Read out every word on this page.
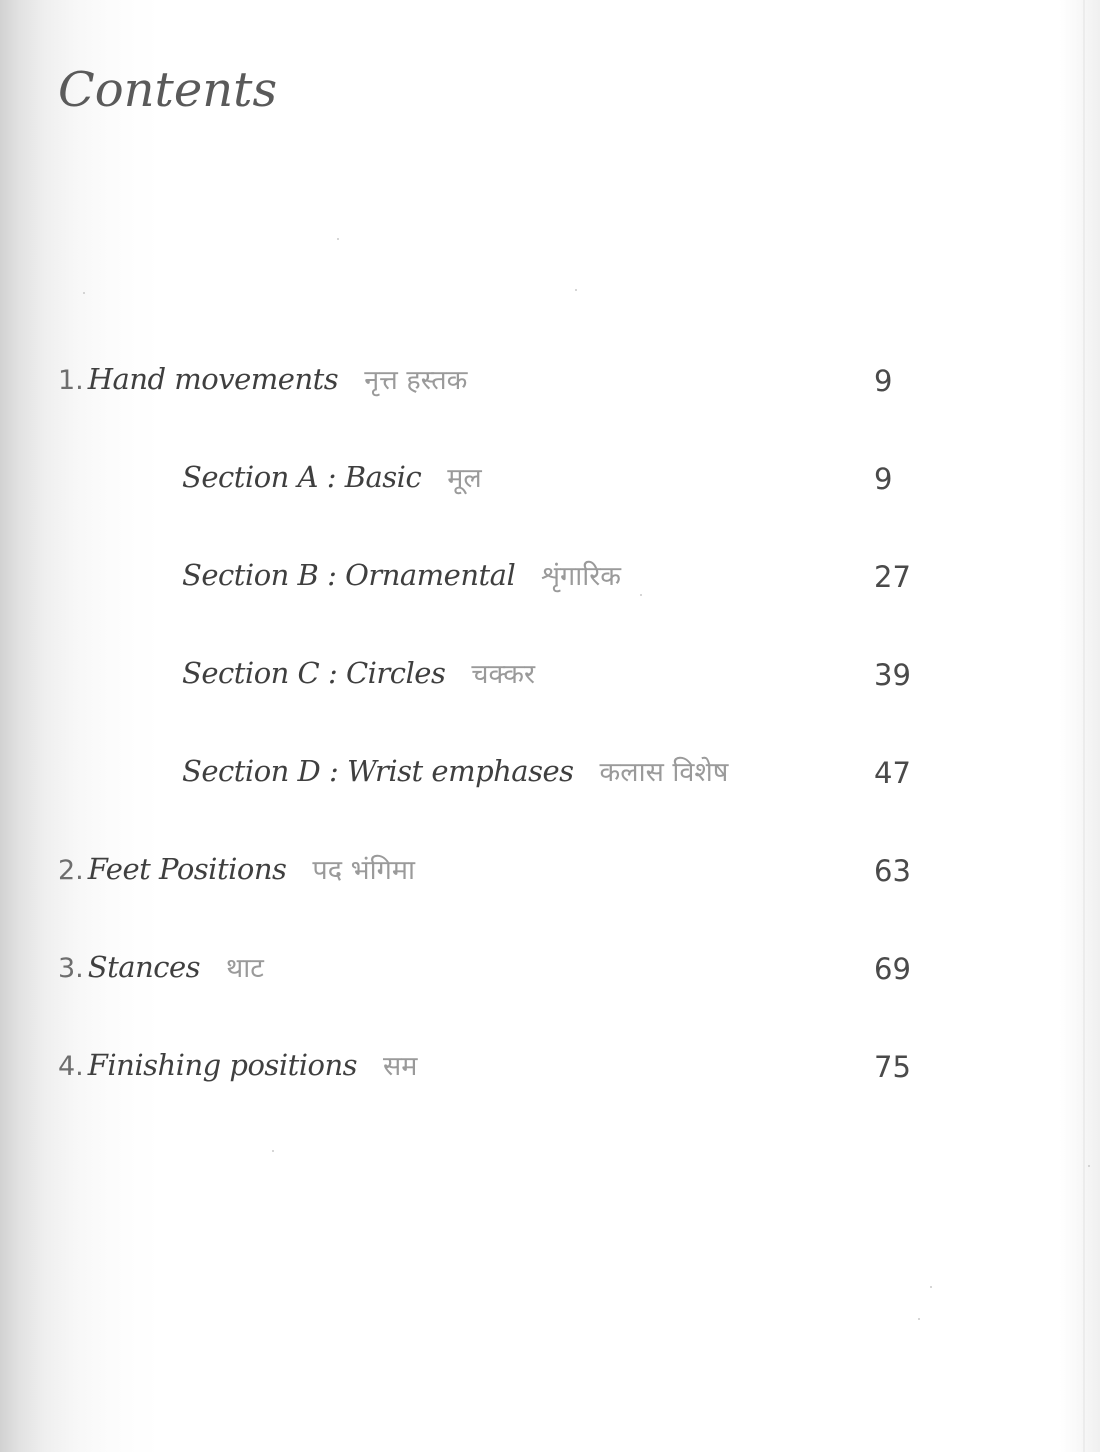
Contents
1. Hand movements नृत्त हस्तक
Section A : Basic मूल
Section B : Ornamental शृंगारिक
Section C : Circles चक्कर
Section D : Wrist emphases कलास विशेष
2. Feet Positions पद भंगिमा
3. Stances थाट
4. Finishing positions सम
9
9
27
39
47
63
69
75
